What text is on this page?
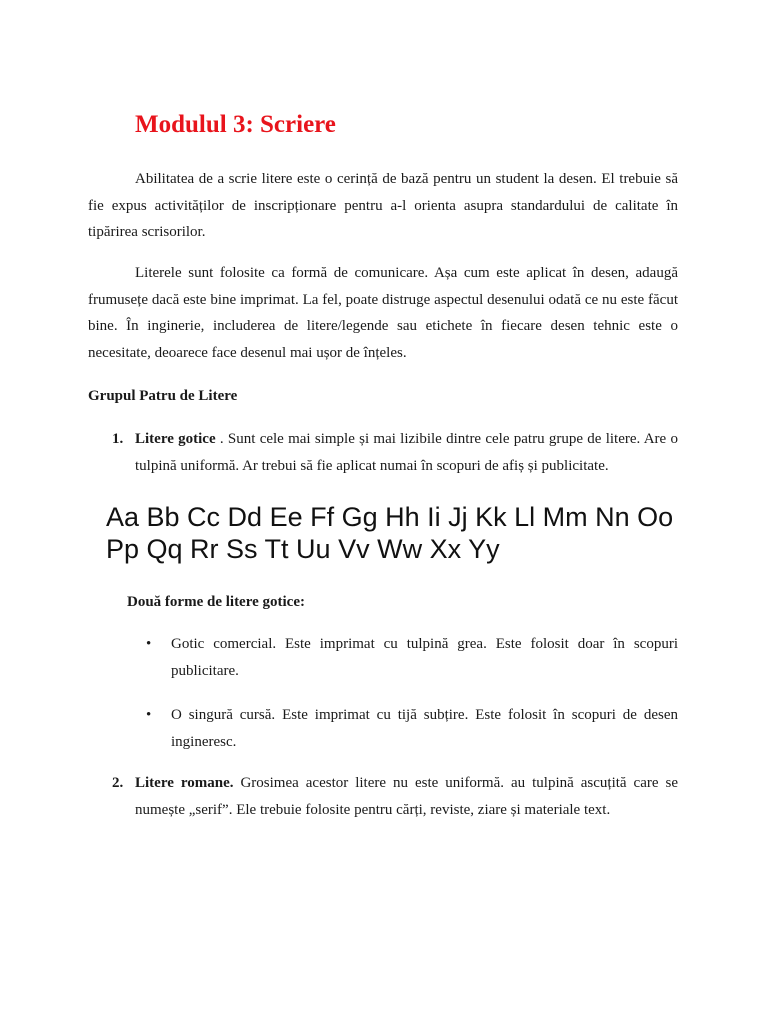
Modulul 3: Scriere

Abilitatea de a scrie litere este o cerință de bază pentru un student la desen. El trebuie să fie expus activităților de inscripționare pentru a-l orienta asupra standardului de calitate în tipărirea scrisorilor.

Literele sunt folosite ca formă de comunicare. Așa cum este aplicat în desen, adaugă frumusețe dacă este bine imprimat. La fel, poate distruge aspectul desenului odată ce nu este făcut bine. În inginerie, includerea de litere/legende sau etichete în fiecare desen tehnic este o necesitate, deoarece face desenul mai ușor de înțeles.

Grupul Patru de Litere
1. Litere gotice . Sunt cele mai simple și mai lizibile dintre cele patru grupe de litere. Are o tulpină uniformă. Ar trebui să fie aplicat numai în scopuri de afiș și publicitate.
Aa Bb Cc Dd Ee Ff Gg Hh Ii Jj Kk Ll Mm Nn Oo
Pp Qq Rr Ss Tt Uu Vv Ww Xx Yy
Două forme de litere gotice:
• Gotic comercial. Este imprimat cu tulpină grea. Este folosit doar în scopuri publicitare.
• O singură cursă. Este imprimat cu tijă subțire. Este folosit în scopuri de desen ingineresc.
2. Litere romane. Grosimea acestor litere nu este uniformă. au tulpină ascuțită care se numește „serif”. Ele trebuie folosite pentru cărți, reviste, ziare și materiale text.
